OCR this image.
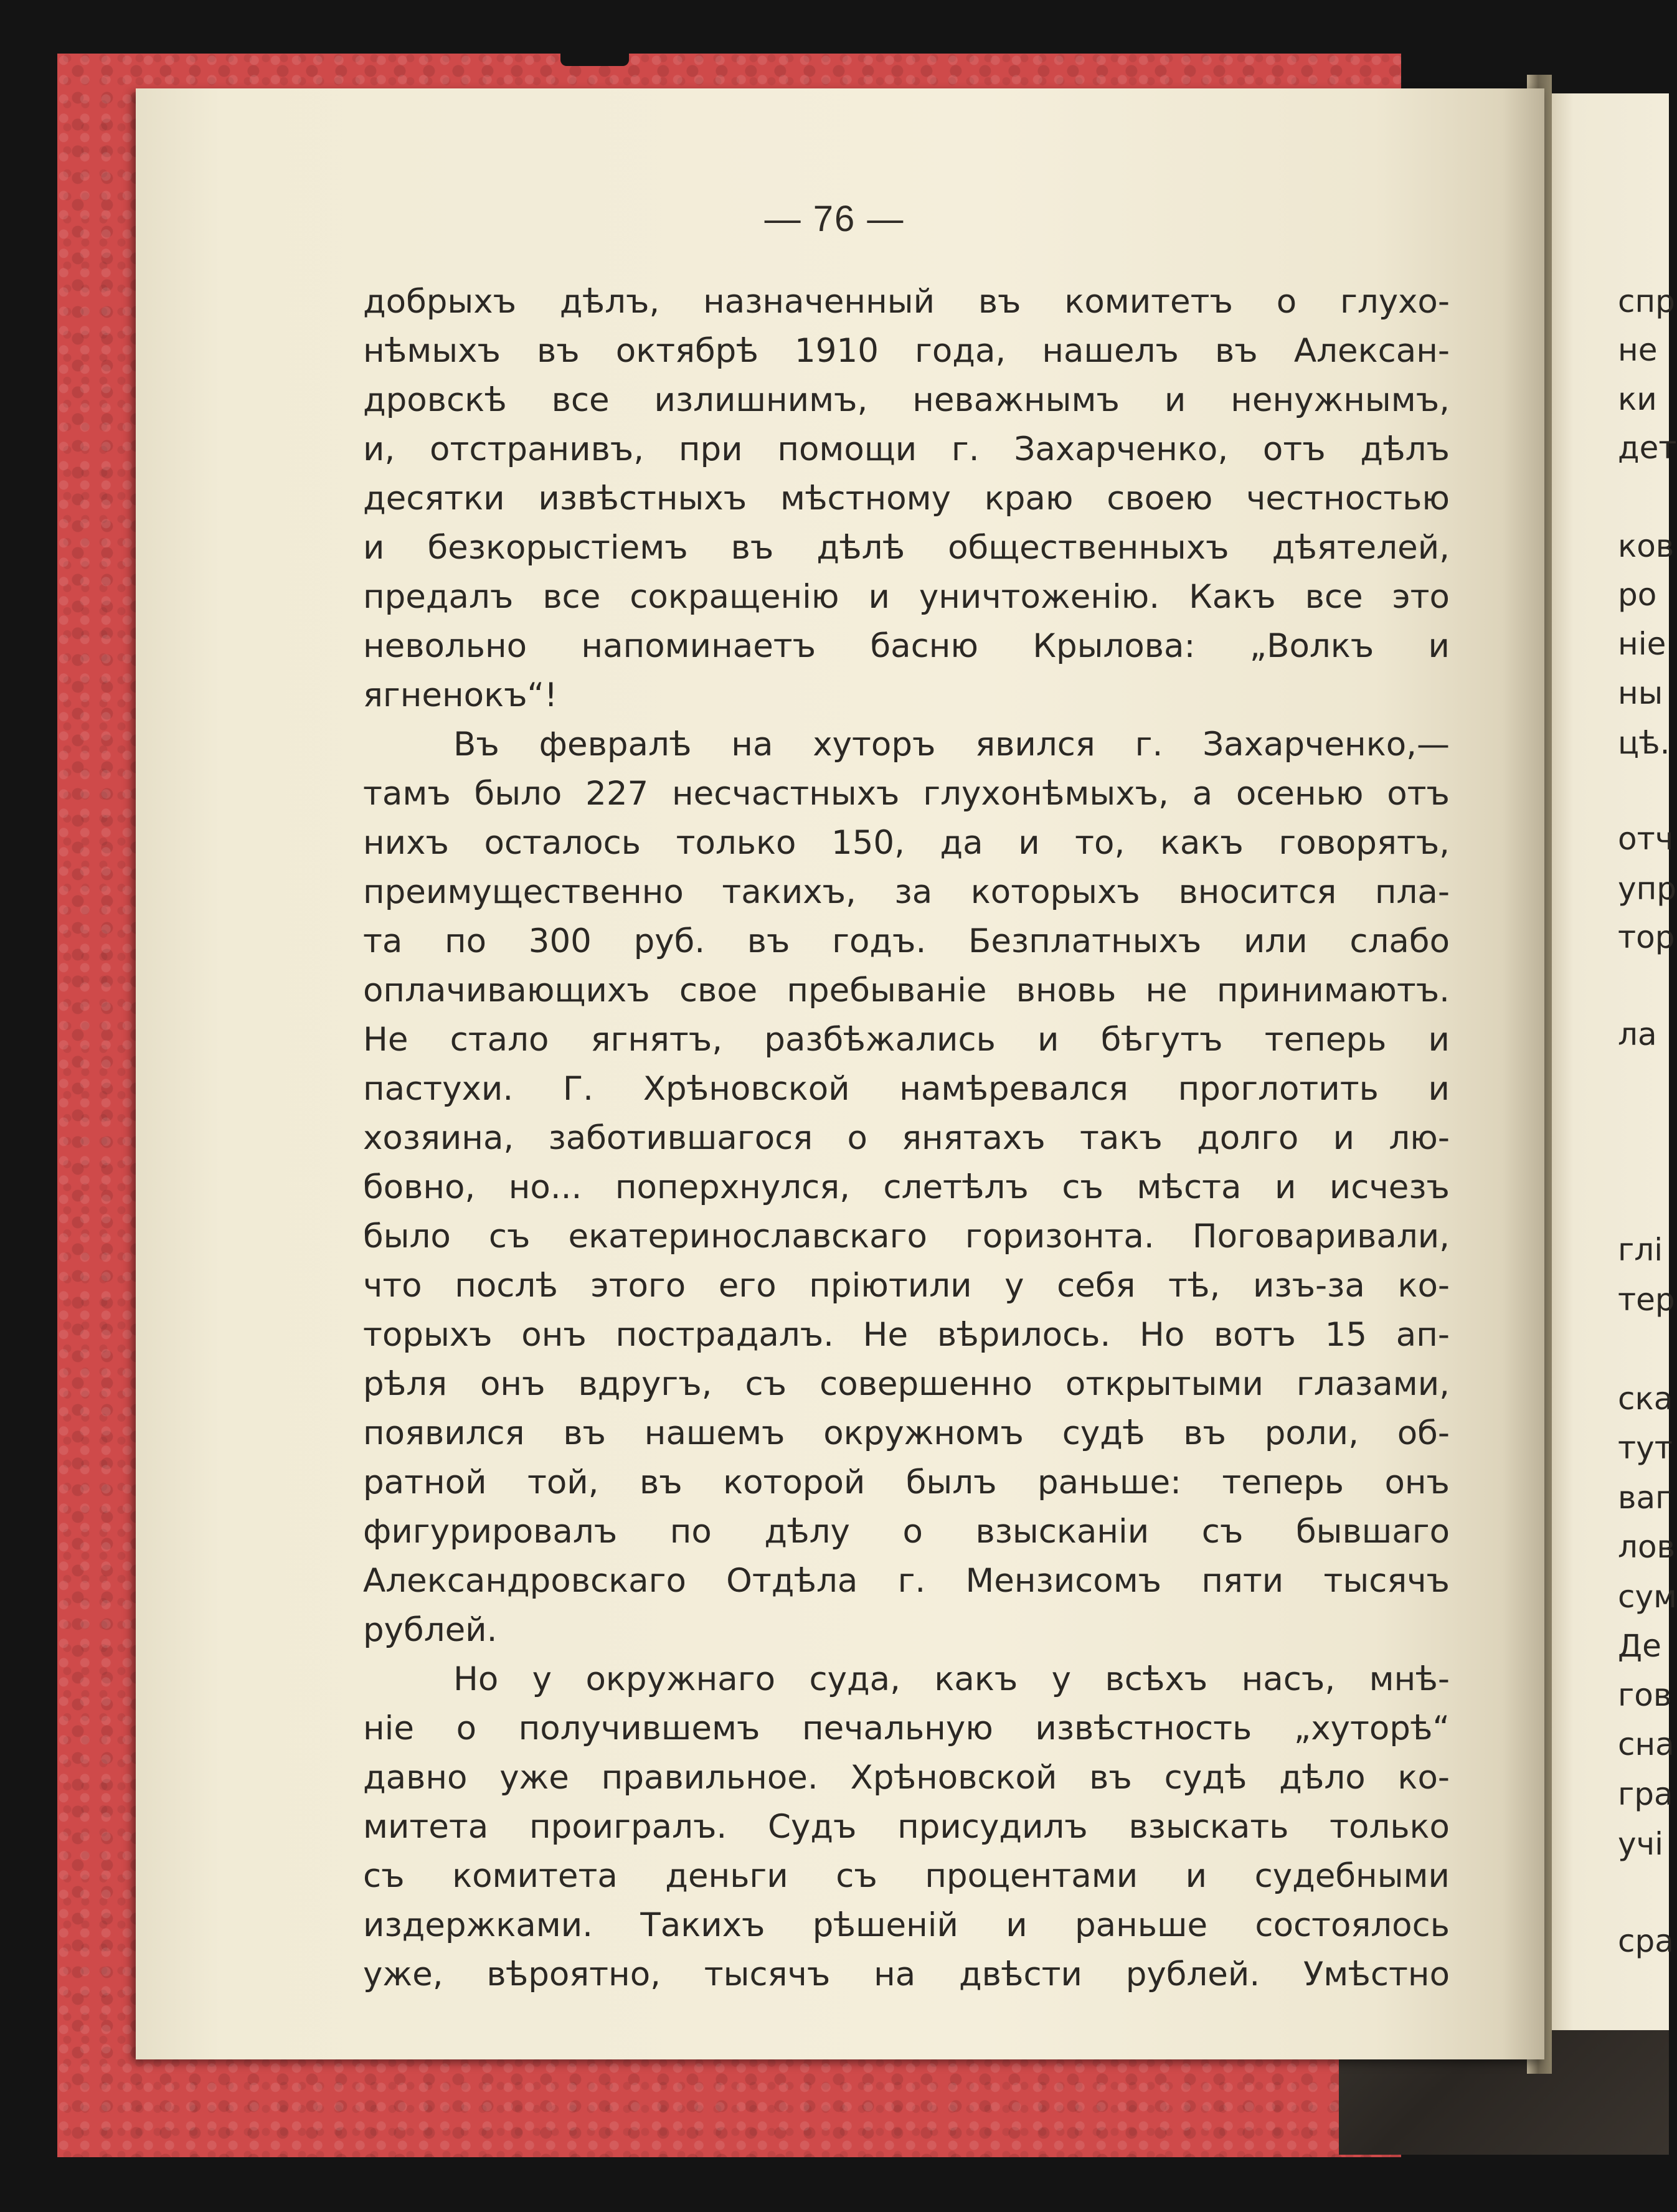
— 76 —
добрыхъ дѣлъ, назначенный въ комитетъ о глухо-
нѣмыхъ въ октябрѣ 1910 года, нашелъ въ Алексан-
дровскѣ все излишнимъ, неважнымъ и ненужнымъ,
и, отстранивъ, при помощи г. Захарченко, отъ дѣлъ
десятки извѣстныхъ мѣстному краю своею честностью
и безкорыстіемъ въ дѣлѣ общественныхъ дѣятелей,
предалъ все сокращенію и уничтоженію. Какъ все это
невольно напоминаетъ басню Крылова: „Волкъ и
ягненокъ“!
Въ февралѣ на хуторъ явился г. Захарченко,—
тамъ было 227 несчастныхъ глухонѣмыхъ, а осенью отъ
нихъ осталось только 150, да и то, какъ говорятъ,
преимущественно такихъ, за которыхъ вносится пла-
та по 300 руб. въ годъ. Безплатныхъ или слабо
оплачивающихъ свое пребываніе вновь не принимаютъ.
Не стало ягнятъ, разбѣжались и бѣгутъ теперь и
пастухи. Г. Хрѣновской намѣревался проглотить и
хозяина, заботившагося о янятахъ такъ долго и лю-
бовно, но... поперхнулся, слетѣлъ съ мѣста и исчезъ
было съ екатеринославскаго горизонта. Поговаривали,
что послѣ этого его пріютили у себя тѣ, изъ-за ко-
торыхъ онъ пострадалъ. Не вѣрилось. Но вотъ 15 ап-
рѣля онъ вдругъ, съ совершенно открытыми глазами,
появился въ нашемъ окружномъ судѣ въ роли, об-
ратной той, въ которой былъ раньше: теперь онъ
фигурировалъ по дѣлу о взысканіи съ бывшаго
Александровскаго Отдѣла г. Мензисомъ пяти тысячъ
рублей.
Но у окружнаго суда, какъ у всѣхъ насъ, мнѣ-
ніе о получившемъ печальную извѣстность „хуторѣ“
давно уже правильное. Хрѣновской въ судѣ дѣло ко-
митета проигралъ. Судъ присудилъ взыскать только
съ комитета деньги съ процентами и судебными
издержками. Такихъ рѣшеній и раньше состоялось
уже, вѣроятно, тысячъ на двѣсти рублей. Умѣстно
спр
не
ки
дет
ков
ро
ніе
ны
цѣ.
отч
упр
тор
ла
глі
тер
ска
тут
ваг
лов
сум
Де
гов
сна
гра
учі
сра
